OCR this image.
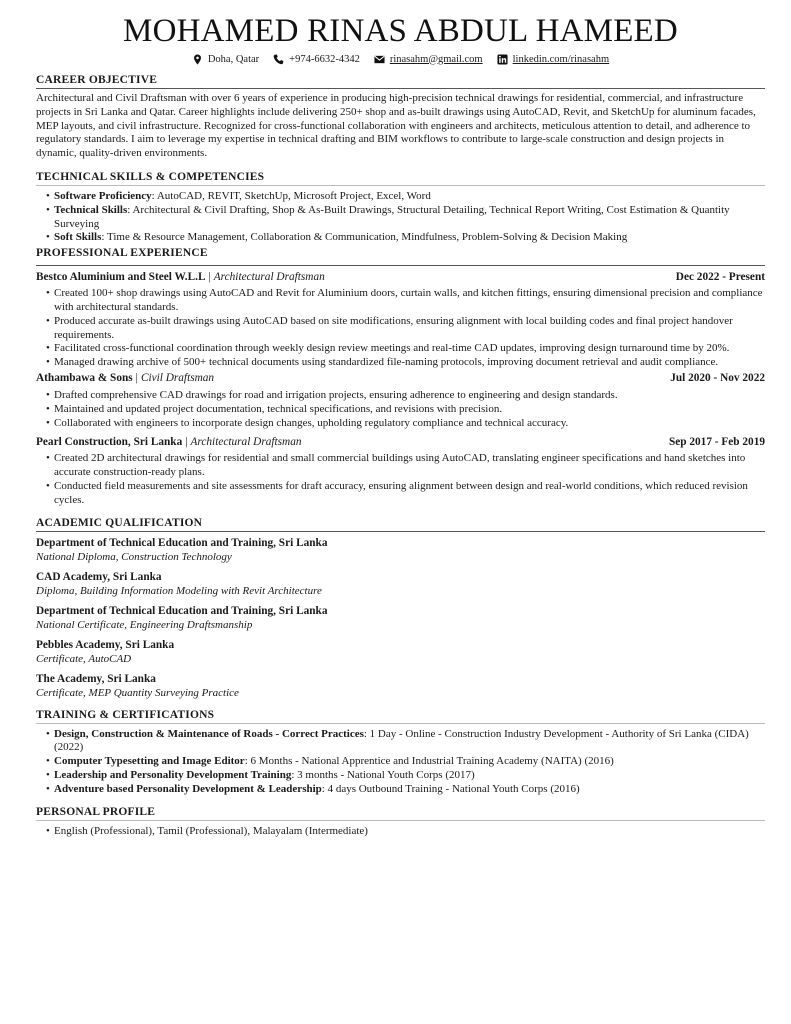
MOHAMED RINAS ABDUL HAMEED
Doha, Qatar	+974-6632-4342	rinasahm@gmail.com	linkedin.com/rinasahm
CAREER OBJECTIVE

Architectural and Civil Draftsman with over 6 years of experience in producing high-precision technical drawings for residential, commercial, and infrastructure projects in Sri Lanka and Qatar. Career highlights include delivering 250+ shop and as-built drawings using AutoCAD, Revit, and SketchUp for aluminum facades, MEP layouts, and civil infrastructure. Recognized for cross-functional collaboration with engineers and architects, meticulous attention to detail, and adherence to regulatory standards. I aim to leverage my expertise in technical drafting and BIM workflows to contribute to large-scale construction and design projects in dynamic, quality-driven environments.

TECHNICAL SKILLS & COMPETENCIES
• Software Proficiency: AutoCAD, REVIT, SketchUp, Microsoft Project, Excel, Word
• Technical Skills: Architectural & Civil Drafting, Shop & As-Built Drawings, Structural Detailing, Technical Report Writing, Cost Estimation & Quantity Surveying
• Soft Skills: Time & Resource Management, Collaboration & Communication, Mindfulness, Problem-Solving & Decision Making
PROFESSIONAL EXPERIENCE
Bestco Aluminium and Steel W.L.L | Architectural Draftsman	Dec 2022 - Present
• Created 100+ shop drawings using AutoCAD and Revit for Aluminium doors, curtain walls, and kitchen fittings, ensuring dimensional precision and compliance with architectural standards.
• Produced accurate as-built drawings using AutoCAD based on site modifications, ensuring alignment with local building codes and final project handover requirements.
• Facilitated cross-functional coordination through weekly design review meetings and real-time CAD updates, improving design turnaround time by 20%.
• Managed drawing archive of 500+ technical documents using standardized file-naming protocols, improving document retrieval and audit compliance.
Athambawa & Sons | Civil Draftsman	Jul 2020 - Nov 2022
• Drafted comprehensive CAD drawings for road and irrigation projects, ensuring adherence to engineering and design standards.
• Maintained and updated project documentation, technical specifications, and revisions with precision.
• Collaborated with engineers to incorporate design changes, upholding regulatory compliance and technical accuracy.
Pearl Construction, Sri Lanka | Architectural Draftsman	Sep 2017 - Feb 2019
• Created 2D architectural drawings for residential and small commercial buildings using AutoCAD, translating engineer specifications and hand sketches into accurate construction-ready plans.
• Conducted field measurements and site assessments for draft accuracy, ensuring alignment between design and real-world conditions, which reduced revision cycles.
ACADEMIC QUALIFICATION
Department of Technical Education and Training, Sri Lanka
National Diploma, Construction Technology
CAD Academy, Sri Lanka
Diploma, Building Information Modeling with Revit Architecture
Department of Technical Education and Training, Sri Lanka
National Certificate, Engineering Draftsmanship
Pebbles Academy, Sri Lanka
Certificate, AutoCAD
The Academy, Sri Lanka
Certificate, MEP Quantity Surveying Practice
TRAINING & CERTIFICATIONS
• Design, Construction & Maintenance of Roads - Correct Practices: 1 Day - Online - Construction Industry Development - Authority of Sri Lanka (CIDA) (2022)
• Computer Typesetting and Image Editor: 6 Months - National Apprentice and Industrial Training Academy (NAITA) (2016)
• Leadership and Personality Development Training: 3 months - National Youth Corps (2017)
• Adventure based Personality Development & Leadership: 4 days Outbound Training - National Youth Corps (2016)
PERSONAL PROFILE
• English (Professional), Tamil (Professional), Malayalam (Intermediate)
